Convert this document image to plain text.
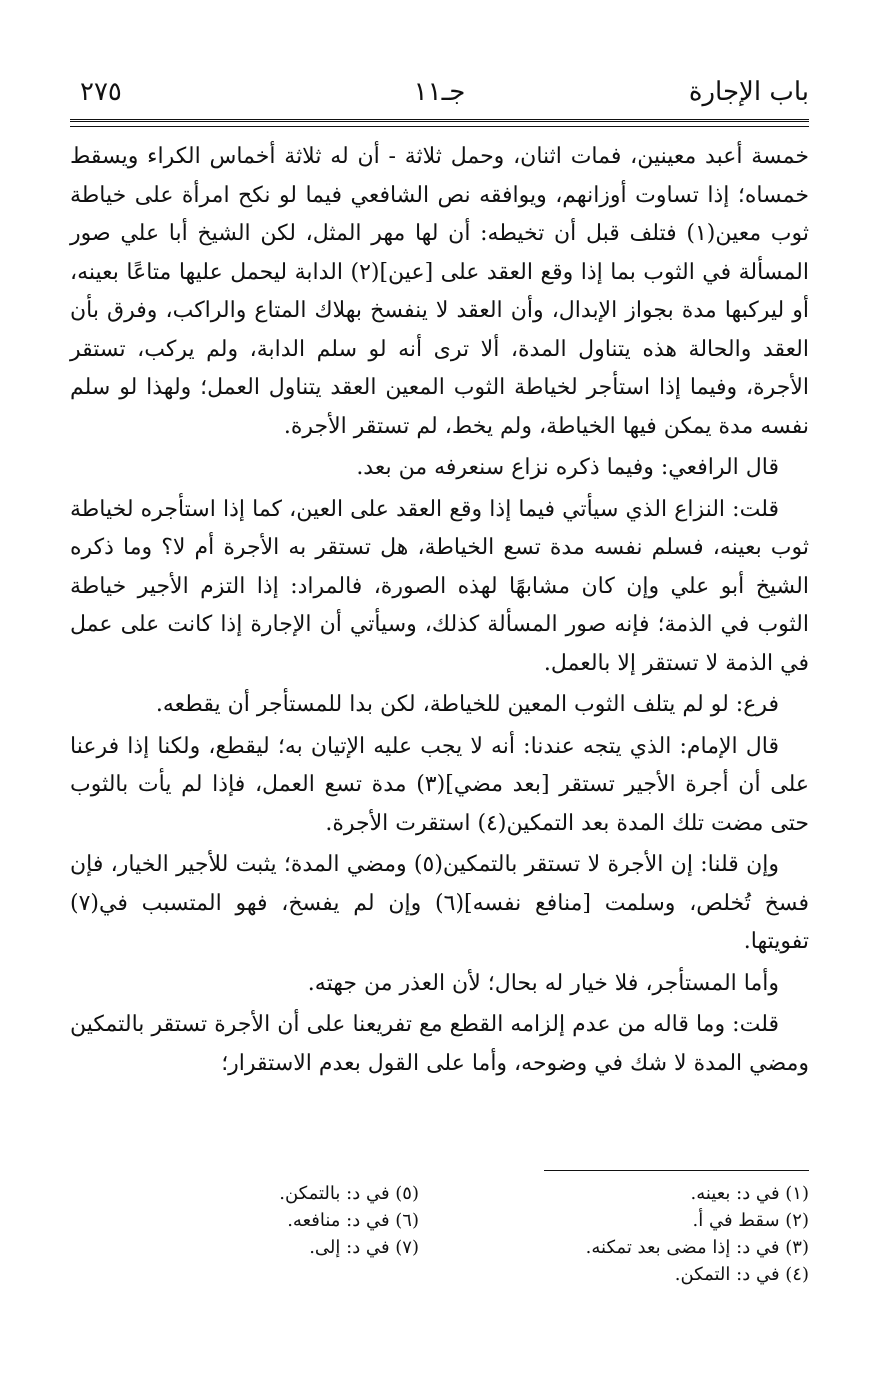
باب الإجارة
جـ١١
٢٧٥

خمسة أعبد معينين، فمات اثنان، وحمل ثلاثة - أن له ثلاثة أخماس الكراء ويسقط خمساه؛ إذا تساوت أوزانهم، ويوافقه نص الشافعي فيما لو نكح امرأة على خياطة ثوب معين(١) فتلف قبل أن تخيطه: أن لها مهر المثل، لكن الشيخ أبا علي صور المسألة في الثوب بما إذا وقع العقد على [عين](٢) الدابة ليحمل عليها متاعًا بعينه، أو ليركبها مدة بجواز الإبدال، وأن العقد لا ينفسخ بهلاك المتاع والراكب، وفرق بأن العقد والحالة هذه يتناول المدة، ألا ترى أنه لو سلم الدابة، ولم يركب، تستقر الأجرة، وفيما إذا استأجر لخياطة الثوب المعين العقد يتناول العمل؛ ولهذا لو سلم نفسه مدة يمكن فيها الخياطة، ولم يخط، لم تستقر الأجرة.

قال الرافعي: وفيما ذكره نزاع سنعرفه من بعد.

قلت: النزاع الذي سيأتي فيما إذا وقع العقد على العين، كما إذا استأجره لخياطة ثوب بعينه، فسلم نفسه مدة تسع الخياطة، هل تستقر به الأجرة أم لا؟ وما ذكره الشيخ أبو علي وإن كان مشابهًا لهذه الصورة، فالمراد: إذا التزم الأجير خياطة الثوب في الذمة؛ فإنه صور المسألة كذلك، وسيأتي أن الإجارة إذا كانت على عمل في الذمة لا تستقر إلا بالعمل.

فرع: لو لم يتلف الثوب المعين للخياطة، لكن بدا للمستأجر أن يقطعه.

قال الإمام: الذي يتجه عندنا: أنه لا يجب عليه الإتيان به؛ ليقطع، ولكنا إذا فرعنا على أن أجرة الأجير تستقر [بعد مضي](٣) مدة تسع العمل، فإذا لم يأت بالثوب حتى مضت تلك المدة بعد التمكين(٤) استقرت الأجرة.

وإن قلنا: إن الأجرة لا تستقر بالتمكين(٥) ومضي المدة؛ يثبت للأجير الخيار، فإن فسخ تُخلص، وسلمت [منافع نفسه](٦) وإن لم يفسخ، فهو المتسبب في(٧) تفويتها.

وأما المستأجر، فلا خيار له بحال؛ لأن العذر من جهته.

قلت: وما قاله من عدم إلزامه القطع مع تفريعنا على أن الأجرة تستقر بالتمكين ومضي المدة لا شك في وضوحه، وأما على القول بعدم الاستقرار؛

(١) في د: بعينه.
(٢) سقط في أ.
(٣) في د: إذا مضى بعد تمكنه.
(٤) في د: التمكن.
(٥) في د: بالتمكن.
(٦) في د: منافعه.
(٧) في د: إلى.
